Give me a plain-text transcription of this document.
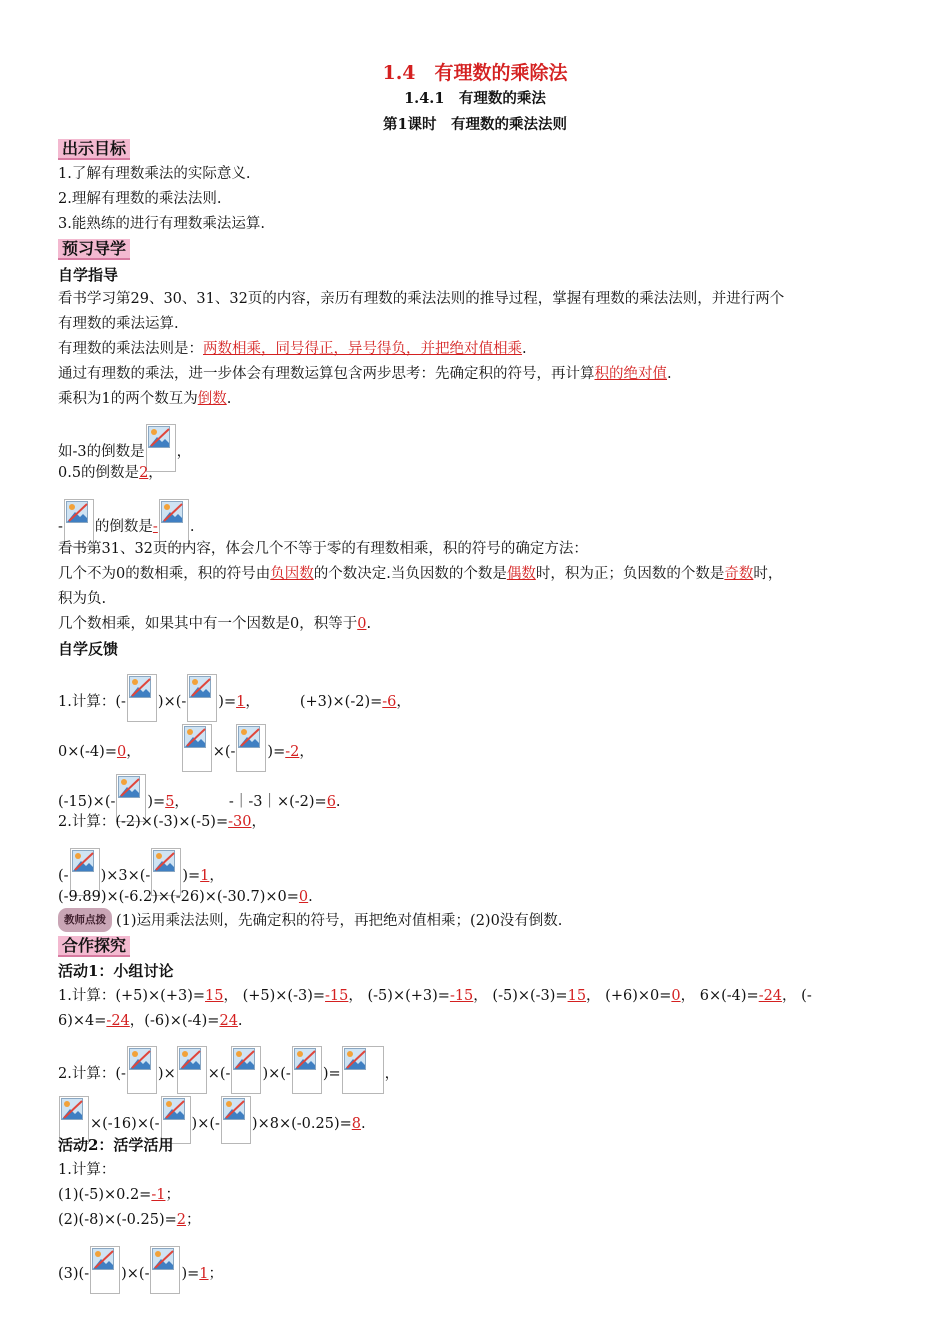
1.4　有理数的乘除法
1.4.1　有理数的乘法
第1课时　有理数的乘法法则
出示目标
1.了解有理数乘法的实际意义.
2.理解有理数的乘法法则.
3.能熟练的进行有理数乘法运算.
预习导学
自学指导
看书学习第29、30、31、32页的内容，亲历有理数的乘法法则的推导过程，掌握有理数的乘法法则，并进行两个
有理数的乘法运算.
有理数的乘法法则是：两数相乘，同号得正，异号得负，并把绝对值相乘.
通过有理数的乘法，进一步体会有理数运算包含两步思考：先确定积的符号，再计算积的绝对值.
乘积为1的两个数互为倒数.
如-3的倒数是 ，
0.5的倒数是2，
- 的倒数是- .
看书第31、32页的内容，体会几个不等于零的有理数相乘，积的符号的确定方法：
几个不为0的数相乘，积的符号由负因数的个数决定.当负因数的个数是偶数时，积为正；负因数的个数是奇数时，
积为负.
几个数相乘，如果其中有一个因数是0，积等于0.
自学反馈
1.计算：(- )×(- )=1，	(+3)×(-2)=-6，
0×(-4)=0，	×(- )=-2，
(-15)×(- )=5，	-｜-3｜×(-2)=6.
2.计算：(-2)×(-3)×(-5)=-30，
(- )×3×(- )=1，
(-9.89)×(-6.2)×(-26)×(-30.7)×0=0.
教师点拨 (1)运用乘法法则，先确定积的符号，再把绝对值相乘；(2)0没有倒数.
合作探究
活动1：小组讨论
1.计算：(+5)×(+3)=15， (+5)×(-3)=-15， (-5)×(+3)=-15， (-5)×(-3)=15， (+6)×0=0， 6×(-4)=-24， (-
6)×4=-24，(-6)×(-4)=24.
2.计算：(- )× ×(- )×(- )=	，
×(-16)×(- )×(- )×8×(-0.25)=8.
活动2：活学活用
1.计算：
(1)(-5)×0.2=-1；
(2)(-8)×(-0.25)=2；
(3)(- )×(- )=1；
